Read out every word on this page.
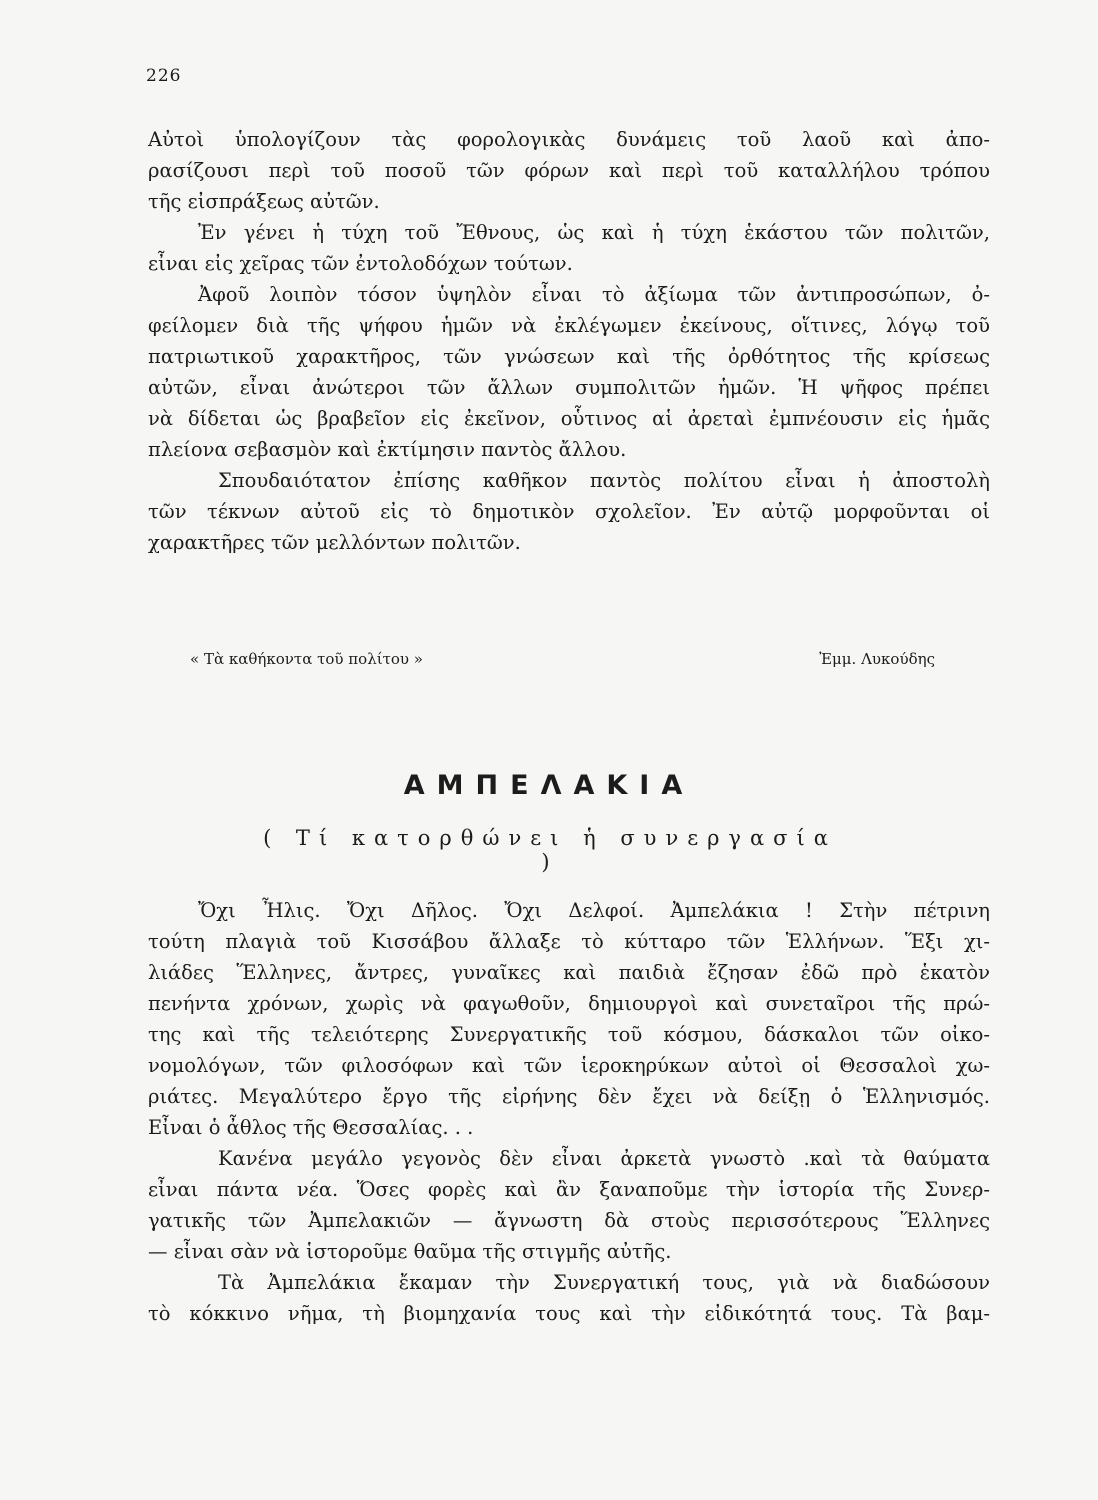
226
Αὐτοὶ ὑπολογίζουν τὰς φορολογικὰς δυνάμεις τοῦ λαοῦ καὶ ἀπο-
ρασίζουσι περὶ τοῦ ποσοῦ τῶν φόρων καὶ περὶ τοῦ καταλλήλου τρόπου
τῆς εἰσπράξεως αὐτῶν.
Ἐν γένει ἡ τύχη τοῦ Ἔθνους, ὡς καὶ ἡ τύχη ἑκάστου τῶν πολιτῶν,
εἶναι εἰς χεῖρας τῶν ἐντολοδόχων τούτων.
Ἀφοῦ λοιπὸν τόσον ὑψηλὸν εἶναι τὸ ἀξίωμα τῶν ἀντιπροσώπων, ὀ-
φείλομεν διὰ τῆς ψήφου ἡμῶν νὰ ἐκλέγωμεν ἐκείνους, οἵτινες, λόγῳ τοῦ
πατριωτικοῦ χαρακτῆρος, τῶν γνώσεων καὶ τῆς ὀρθότητος τῆς κρίσεως
αὐτῶν, εἶναι ἀνώτεροι τῶν ἄλλων συμπολιτῶν ἡμῶν. Ἡ ψῆφος πρέπει
νὰ δίδεται ὡς βραβεῖον εἰς ἐκεῖνον, οὗτινος αἱ ἀρεταὶ ἐμπνέουσιν εἰς ἡμᾶς
πλείονα σεβασμὸν καὶ ἐκτίμησιν παντὸς ἄλλου.
Σπουδαιότατον ἐπίσης καθῆκον παντὸς πολίτου εἶναι ἡ ἀποστολὴ
τῶν τέκνων αὐτοῦ εἰς τὸ δημοτικὸν σχολεῖον. Ἐν αὐτῷ μορφοῦνται οἱ
χαρακτῆρες τῶν μελλόντων πολιτῶν.
« Τὰ καθήκοντα τοῦ πολίτου »	Ἐμμ. Λυκούδης
ΑΜΠΕΛΑΚΙΑ
( Τί κατορθώνει ἡ συνεργασία )
Ὄχι Ἦλις. Ὄχι Δῆλος. Ὄχι Δελφοί. Ἀμπελάκια ! Στὴν πέτρινη
τούτη πλαγιὰ τοῦ Κισσάβου ἄλλαξε τὸ κύτταρο τῶν Ἑλλήνων. Ἕξι χι-
λιάδες Ἕλληνες, ἄντρες, γυναῖκες καὶ παιδιὰ ἔζησαν ἐδῶ πρὸ ἑκατὸν
πενήντα χρόνων, χωρὶς νὰ φαγωθοῦν, δημιουργοὶ καὶ συνεταῖροι τῆς πρώ-
της καὶ τῆς τελειότερης Συνεργατικῆς τοῦ κόσμου, δάσκαλοι τῶν οἰκο-
νομολόγων, τῶν φιλοσόφων καὶ τῶν ἱεροκηρύκων αὐτοὶ οἱ Θεσσαλοὶ χω-
ριάτες. Μεγαλύτερο ἔργο τῆς εἰρήνης δὲν ἔχει νὰ δείξῃ ὁ Ἑλληνισμός.
Εἶναι ὁ ἆθλος τῆς Θεσσαλίας. . .
Κανένα μεγάλο γεγονὸς δὲν εἶναι ἀρκετὰ γνωστὸ .καὶ τὰ θαύματα
εἶναι πάντα νέα. Ὅσες φορὲς καὶ ἂν ξαναποῦμε τὴν ἱστορία τῆς Συνερ-
γατικῆς τῶν Ἀμπελακιῶν — ἄγνωστη δὰ στοὺς περισσότερους Ἕλληνες
— εἶναι σὰν νὰ ἱστοροῦμε θαῦμα τῆς στιγμῆς αὐτῆς.
Τὰ Ἀμπελάκια ἔκαμαν τὴν Συνεργατική τους, γιὰ νὰ διαδώσουν
τὸ κόκκινο νῆμα, τὴ βιομηχανία τους καὶ τὴν εἰδικότητά τους. Τὰ βαμ-
